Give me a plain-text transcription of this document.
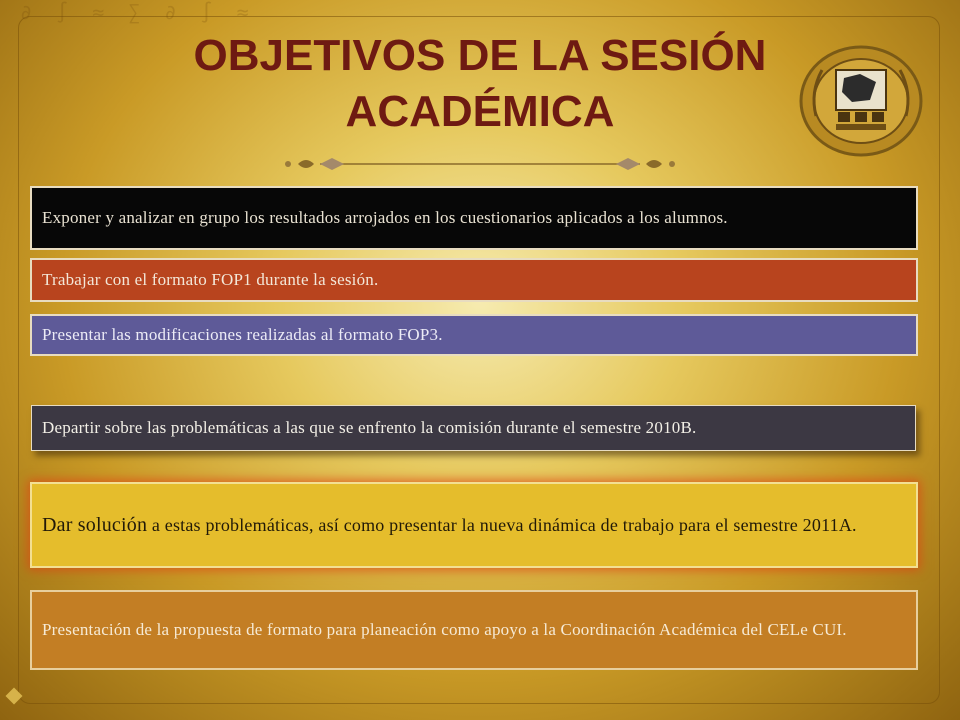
∂ ∫ ≈ ∑ ∂ ∫ ≈
OBJETIVOS DE LA SESIÓN
ACADÉMICA
Exponer y analizar en grupo los resultados arrojados en los cuestionarios aplicados a los alumnos.
Trabajar con el formato FOP1 durante la sesión.
Presentar las modificaciones realizadas al formato FOP3.
Departir sobre las problemáticas a las que se enfrento la comisión durante el semestre 2010B.
Dar solución a estas problemáticas, así como presentar la nueva dinámica de trabajo para el semestre 2011A.
Presentación de la propuesta de formato para planeación como apoyo a la Coordinación Académica del CELe CUI.
